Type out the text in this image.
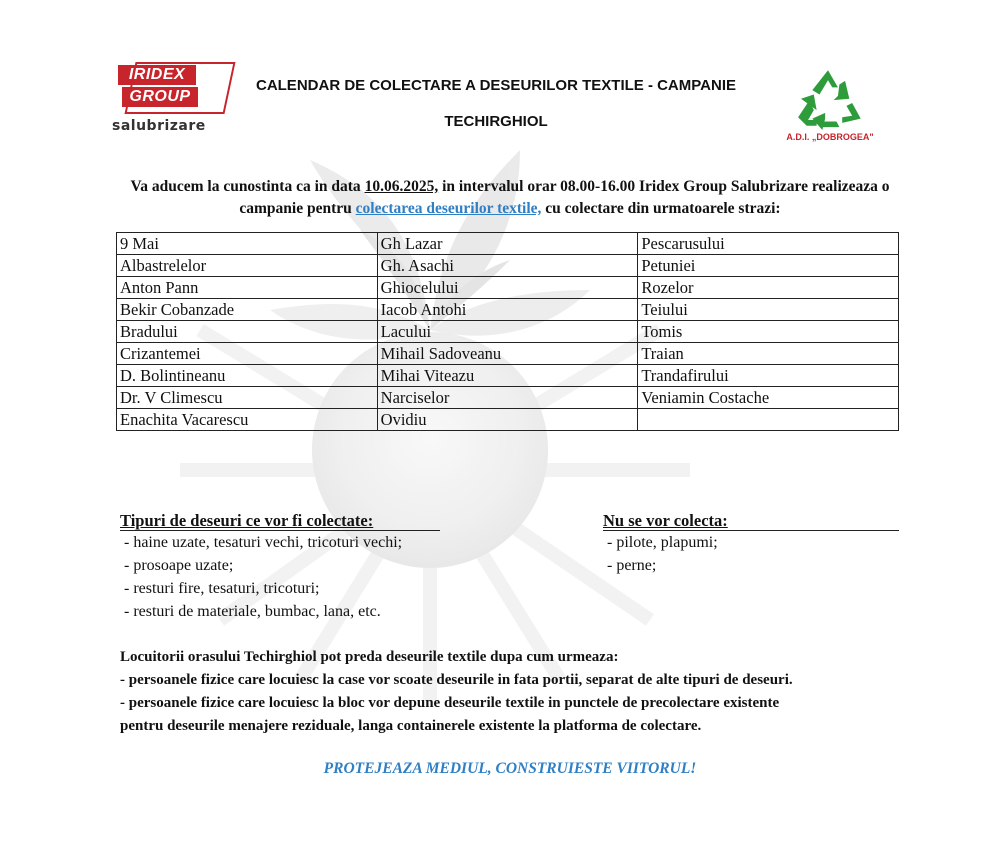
IRIDEX
GROUP
salubrizare
CALENDAR DE COLECTARE A DESEURILOR TEXTILE - CAMPANIE
TECHIRGHIOL
A.D.I. „DOBROGEA"
Va aducem la cunostinta ca in data 10.06.2025, in intervalul orar 08.00-16.00 Iridex Group Salubrizare realizeaza o campanie pentru colectarea deseurilor textile, cu colectare din urmatoarele strazi:
9 Mai	Gh Lazar	Pescarusului
Albastrelelor	Gh. Asachi	Petuniei
Anton Pann	Ghiocelului	Rozelor
Bekir Cobanzade	Iacob Antohi	Teiului
Bradului	Lacului	Tomis
Crizantemei	Mihail Sadoveanu	Traian
D. Bolintineanu	Mihai Viteazu	Trandafirului
Dr. V Climescu	Narciselor	Veniamin Costache
Enachita Vacarescu	Ovidiu	
Tipuri de deseuri ce vor fi colectate:
- haine uzate, tesaturi vechi, tricoturi vechi;
- prosoape uzate;
- resturi fire, tesaturi, tricoturi;
- resturi de materiale, bumbac, lana, etc.
Nu se vor colecta:
- pilote, plapumi;
- perne;
Locuitorii orasului Techirghiol pot preda deseurile textile dupa cum urmeaza:
- persoanele fizice care locuiesc la case vor scoate deseurile in fata portii, separat de alte tipuri de deseuri.
- persoanele fizice care locuiesc la bloc vor depune deseurile textile in punctele de precolectare existente
pentru deseurile menajere reziduale, langa containerele existente la platforma de colectare.
PROTEJEAZA MEDIUL, CONSTRUIESTE VIITORUL!
